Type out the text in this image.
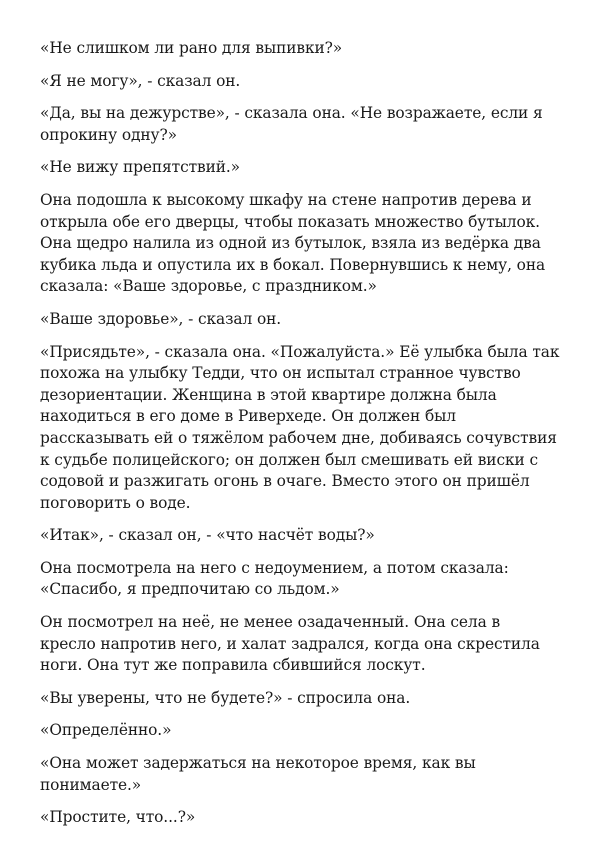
«Не слишком ли рано для выпивки?»

«Я не могу», - сказал он.

«Да, вы на дежурстве», - сказала она. «Не возражаете, если я опрокину одну?»

«Не вижу препятствий.»

Она подошла к высокому шкафу на стене напротив дерева и открыла обе его дверцы, чтобы показать множество бутылок. Она щедро налила из одной из бутылок, взяла из ведёрка два кубика льда и опустила их в бокал. Повернувшись к нему, она сказала: «Ваше здоровье, с праздником.»

«Ваше здоровье», - сказал он.

«Присядьте», - сказала она. «Пожалуйста.» Её улыбка была так похожа на улыбку Тедди, что он испытал странное чувство дезориентации. Женщина в этой квартире должна была находиться в его доме в Риверхеде. Он должен был рассказывать ей о тяжёлом рабочем дне, добиваясь сочувствия к судьбе полицейского; он должен был смешивать ей виски с содовой и разжигать огонь в очаге. Вместо этого он пришёл поговорить о воде.

«Итак», - сказал он, - «что насчёт воды?»

Она посмотрела на него с недоумением, а потом сказала: «Спасибо, я предпочитаю со льдом.»

Он посмотрел на неё, не менее озадаченный. Она села в кресло напротив него, и халат задрался, когда она скрестила ноги. Она тут же поправила сбившийся лоскут.

«Вы уверены, что не будете?» - спросила она.

«Определённо.»

«Она может задержаться на некоторое время, как вы понимаете.»

«Простите, что...?»
